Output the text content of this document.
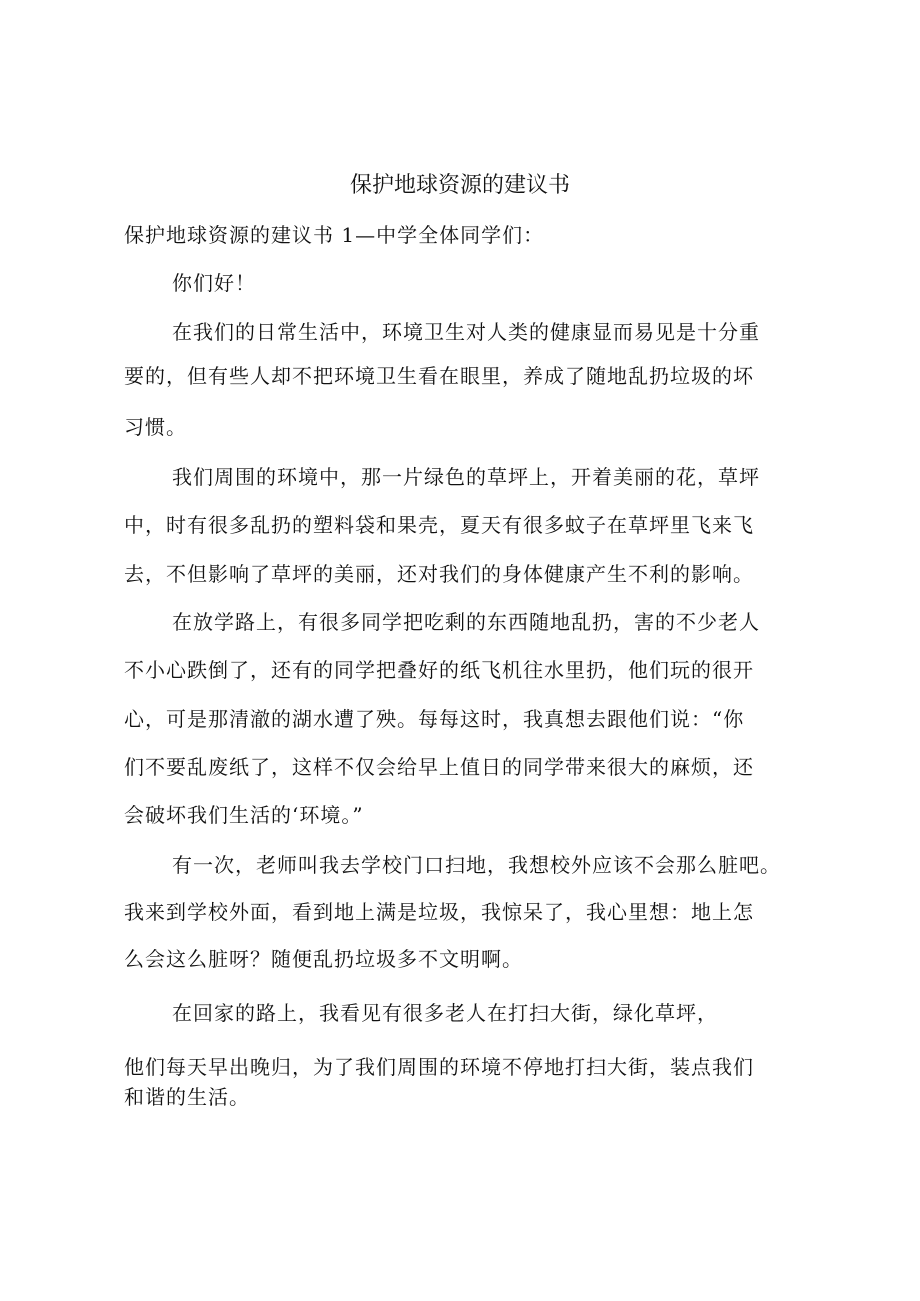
保护地球资源的建议书

保护地球资源的建议书 1—中学全体同学们：

你们好！

在我们的日常生活中，环境卫生对人类的健康显而易见是十分重

要的，但有些人却不把环境卫生看在眼里，养成了随地乱扔垃圾的坏

习惯。

我们周围的环境中，那一片绿色的草坪上，开着美丽的花，草坪

中，时有很多乱扔的塑料袋和果壳，夏天有很多蚊子在草坪里飞来飞

去，不但影响了草坪的美丽，还对我们的身体健康产生不利的影响。

在放学路上，有很多同学把吃剩的东西随地乱扔，害的不少老人

不小心跌倒了，还有的同学把叠好的纸飞机往水里扔，他们玩的很开

心，可是那清澈的湖水遭了殃。每每这时，我真想去跟他们说：“你

们不要乱废纸了，这样不仅会给早上值日的同学带来很大的麻烦，还

会破坏我们生活的‘环境。”

有一次，老师叫我去学校门口扫地，我想校外应该不会那么脏吧。

我来到学校外面，看到地上满是垃圾，我惊呆了，我心里想：地上怎

么会这么脏呀？随便乱扔垃圾多不文明啊。

在回家的路上，我看见有很多老人在打扫大街，绿化草坪，

他们每天早出晚归，为了我们周围的环境不停地打扫大街，装点我们

和谐的生活。
